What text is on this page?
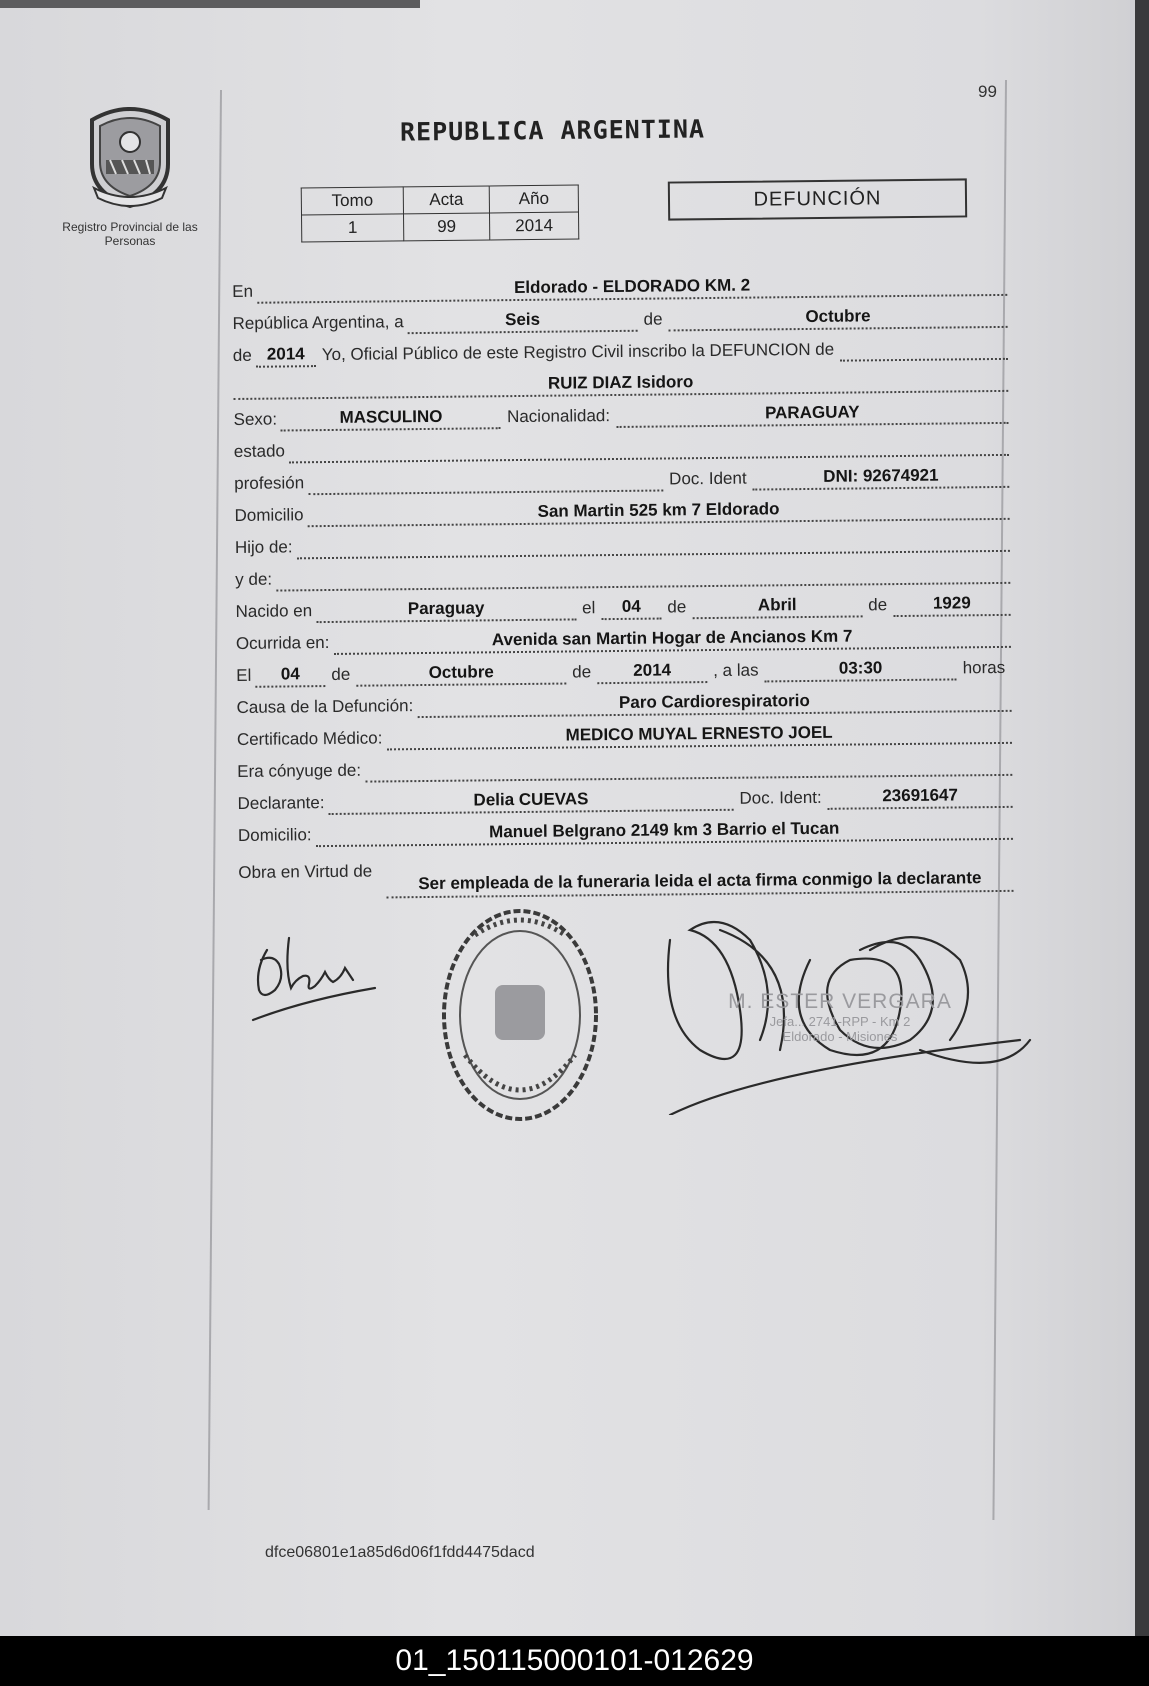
99
Registro Provincial de las Personas
REPUBLICA ARGENTINA
Tomo	Acta	Año
1	99	2014
DEFUNCIÓN
En	Eldorado - ELDORADO KM. 2
República Argentina, a	Seis	de	Octubre
de 2014 Yo, Oficial Público de este Registro Civil inscribo la DEFUNCION de
RUIZ DIAZ Isidoro
Sexo:	MASCULINO	Nacionalidad:	PARAGUAY
estado
profesión	Doc. Ident	DNI: 92674921
Domicilio	San Martin 525 km 7 Eldorado
Hijo de:
y de:
Nacido en	Paraguay	el	04	de	Abril	de	1929
Ocurrida en:	Avenida san Martin Hogar de Ancianos Km 7
El	04	de	Octubre	de	2014	, a las	03:30	horas
Causa de la Defunción:	Paro Cardiorespiratorio
Certificado Médico:	MEDICO MUYAL ERNESTO JOEL
Era cónyuge de:
Declarante:	Delia CUEVAS	Doc. Ident:	23691647
Domicilio:	Manuel Belgrano 2149 km 3 Barrio el Tucan
Obra en Virtud de	Ser empleada de la funeraria leida el acta firma conmigo la declarante
M. ESTER VERGARA
Jefa... 2741-RPP - Km 2
Eldorado - Misiones
dfce06801e1a85d6d06f1fdd4475dacd
01_150115000101-012629
